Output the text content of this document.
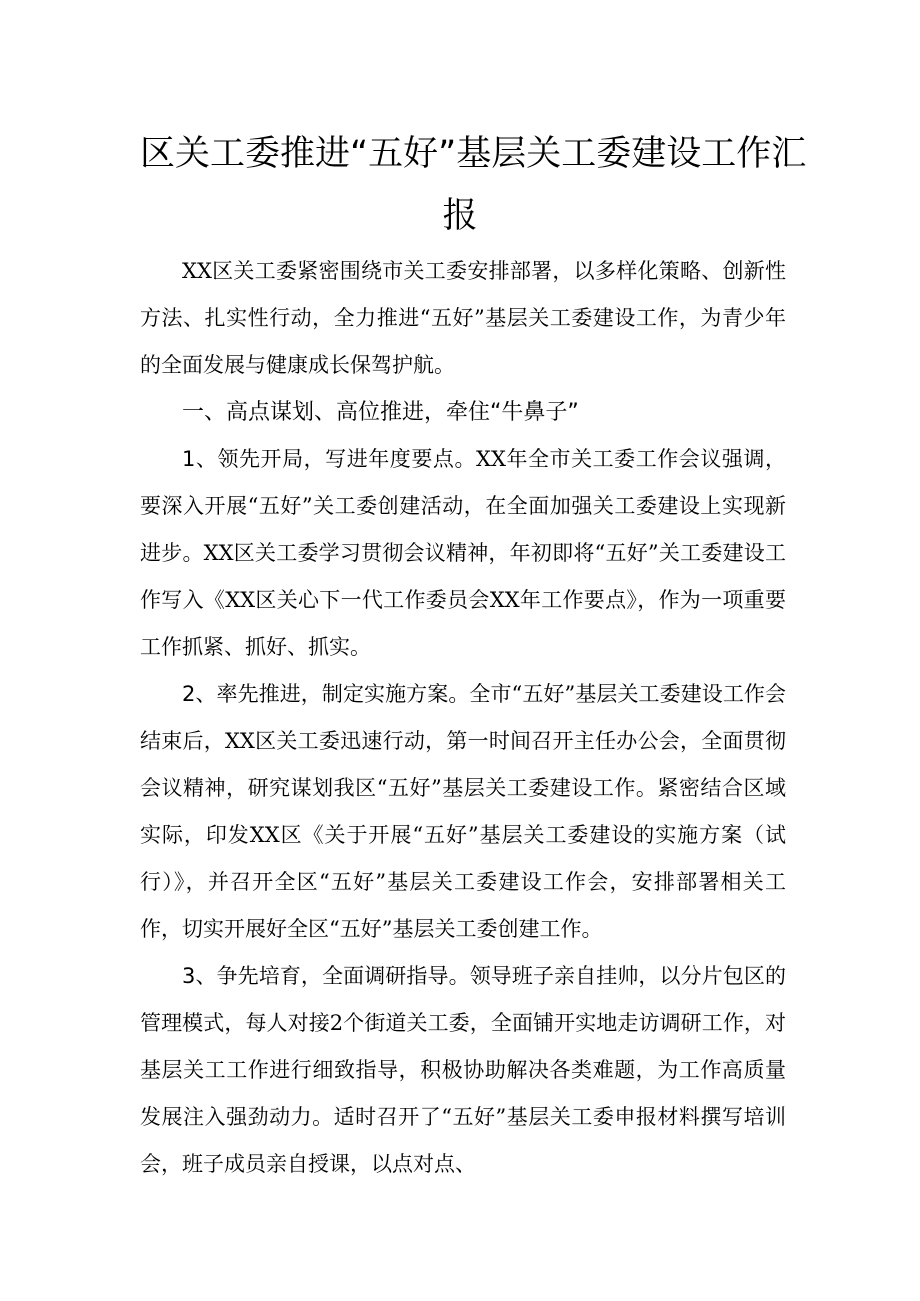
区关工委推进“五好”基层关工委建设工作汇
报

XX区关工委紧密围绕市关工委安排部署，以多样化策略、创新性方法、扎实性行动，全力推进“五好”基层关工委建设工作，为青少年的全面发展与健康成长保驾护航。

一、高点谋划、高位推进，牵住“牛鼻子”

1、领先开局，写进年度要点。XX年全市关工委工作会议强调，要深入开展“五好”关工委创建活动，在全面加强关工委建设上实现新进步。XX区关工委学习贯彻会议精神，年初即将“五好”关工委建设工作写入《XX区关心下一代工作委员会XX年工作要点》，作为一项重要工作抓紧、抓好、抓实。

2、率先推进，制定实施方案。全市“五好”基层关工委建设工作会结束后，XX区关工委迅速行动，第一时间召开主任办公会，全面贯彻会议精神，研究谋划我区“五好”基层关工委建设工作。紧密结合区域实际，印发XX区《关于开展“五好”基层关工委建设的实施方案（试行）》，并召开全区“五好”基层关工委建设工作会，安排部署相关工作，切实开展好全区“五好”基层关工委创建工作。

3、争先培育，全面调研指导。领导班子亲自挂帅，以分片包区的管理模式，每人对接2个街道关工委，全面铺开实地走访调研工作，对基层关工工作进行细致指导，积极协助解决各类难题，为工作高质量发展注入强劲动力。适时召开了“五好”基层关工委申报材料撰写培训会，班子成员亲自授课，以点对点、
